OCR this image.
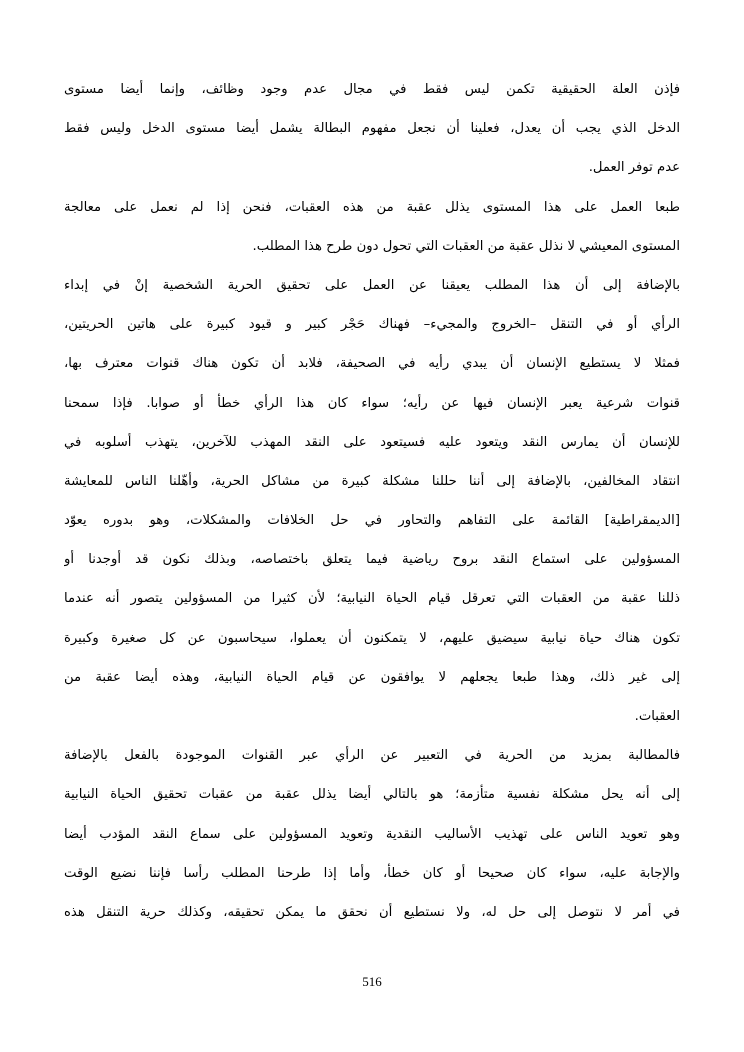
فإذن العلة الحقيقية تكمن ليس فقط في مجال عدم وجود وظائف، وإنما أيضا مستوى
الدخل الذي يجب أن يعدل، فعلينا أن نجعل مفهوم البطالة يشمل أيضا مستوى الدخل وليس فقط
عدم توفر العمل.
طبعا العمل على هذا المستوى يذلل عقبة من هذه العقبات، فنحن إذا لم نعمل على معالجة
المستوى المعيشي لا نذلل عقبة من العقبات التي تحول دون طرح هذا المطلب.
بالإضافة إلى أن هذا المطلب يعيقنا عن العمل على تحقيق الحرية الشخصية إنْ في إبداء
الرأي أو في التنقل –الخروج والمجيء– فهناك حَجْر كبير و قيود كبيرة على هاتين الحريتين،
فمثلا لا يستطيع الإنسان أن يبدي رأيه في الصحيفة، فلابد أن تكون هناك قنوات معترف بها،
قنوات شرعية يعبر الإنسان فيها عن رأيه؛ سواء كان هذا الرأي خطأ أو صوابا. فإذا سمحنا
للإنسان أن يمارس النقد ويتعود عليه فسيتعود على النقد المهذب للآخرين، يتهذب أسلوبه في
انتقاد المخالفين، بالإضافة إلى أننا حللنا مشكلة كبيرة من مشاكل الحرية، وأهّلنا الناس للمعايشة
[الديمقراطية] القائمة على التفاهم والتحاور في حل الخلافات والمشكلات، وهو بدوره يعوّد
المسؤولين على استماع النقد بروح رياضية فيما يتعلق باختصاصه، وبذلك نكون قد أوجدنا أو
ذللنا عقبة من العقبات التي تعرقل قيام الحياة النيابية؛ لأن كثيرا من المسؤولين يتصور أنه عندما
تكون هناك حياة نيابية سيضيق عليهم، لا يتمكنون أن يعملوا، سيحاسبون عن كل صغيرة وكبيرة
إلى غير ذلك، وهذا طبعا يجعلهم لا يوافقون عن قيام الحياة النيابية، وهذه أيضا عقبة من
العقبات.
فالمطالبة بمزيد من الحرية في التعبير عن الرأي عبر القنوات الموجودة بالفعل بالإضافة
إلى أنه يحل مشكلة نفسية متأزمة؛ هو بالتالي أيضا يذلل عقبة من عقبات تحقيق الحياة النيابية
وهو تعويد الناس على تهذيب الأساليب النقدية وتعويد المسؤولين على سماع النقد المؤدب أيضا
والإجابة عليه، سواء كان صحيحا أو كان خطأ، وأما إذا طرحنا المطلب رأسا فإننا نضيع الوقت
في أمر لا نتوصل إلى حل له، ولا نستطيع أن نحقق ما يمكن تحقيقه، وكذلك حرية التنقل هذه
516
